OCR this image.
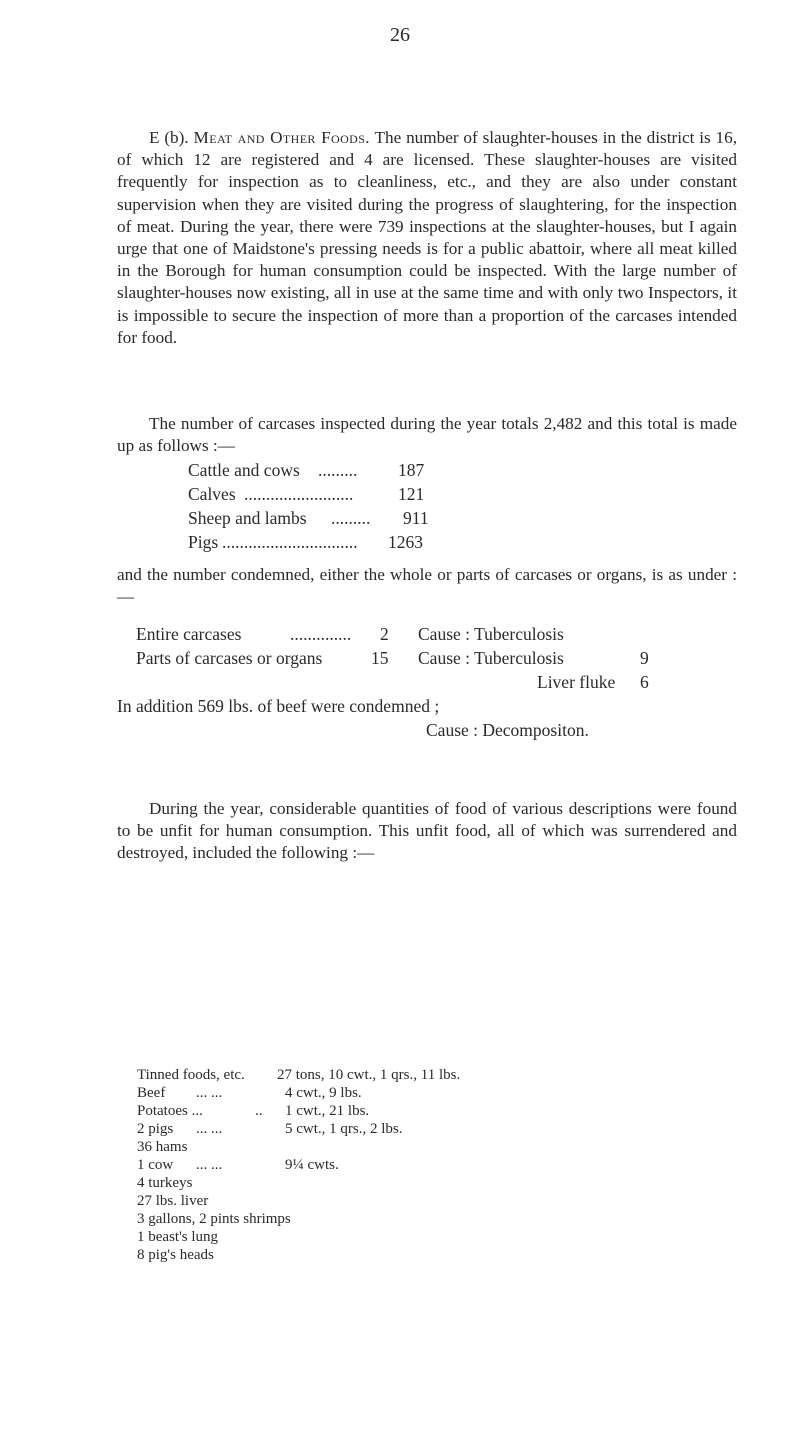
26

E (b). Meat and Other Foods. The number of slaughter-houses in the district is 16, of which 12 are registered and 4 are licensed. These slaughter-houses are visited frequently for inspection as to cleanliness, etc., and they are also under constant supervision when they are visited during the progress of slaughtering, for the inspection of meat. During the year, there were 739 inspections at the slaughter-houses, but I again urge that one of Maidstone's pressing needs is for a public abattoir, where all meat killed in the Borough for human consumption could be inspected. With the large number of slaughter-houses now existing, all in use at the same time and with only two Inspectors, it is impossible to secure the inspection of more than a proportion of the carcases intended for food.

The number of carcases inspected during the year totals 2,482 and this total is made up as follows :—

Cattle and cows ......... 187
Calves .........................	121
Sheep and lambs ......... 911
Pigs ............................... 1263

and the number condemned, either the whole or parts of carcases or organs, is as under :—

Entire carcases	.............. 2 Cause : Tuberculosis
Parts of carcases or organs	15 Cause : Tuberculosis	9
Liver fluke 6
In addition 569 lbs. of beef were condemned ;
Cause : Decompositon.

During the year, considerable quantities of food of various descriptions were found to be unfit for human consumption. This unfit food, all of which was surrendered and destroyed, included the following :—

Tinned foods, etc. 27 tons, 10 cwt., 1 qrs., 11 lbs.
Beef ... ...	4 cwt., 9 lbs.
Potatoes ...	.. 1 cwt., 21 lbs.
2 pigs ... ...	5 cwt., 1 qrs., 2 lbs.
36 hams
1 cow ... ...	9¼ cwts.
4 turkeys
27 lbs. liver
3 gallons, 2 pints shrimps
1 beast's lung
8 pig's heads
